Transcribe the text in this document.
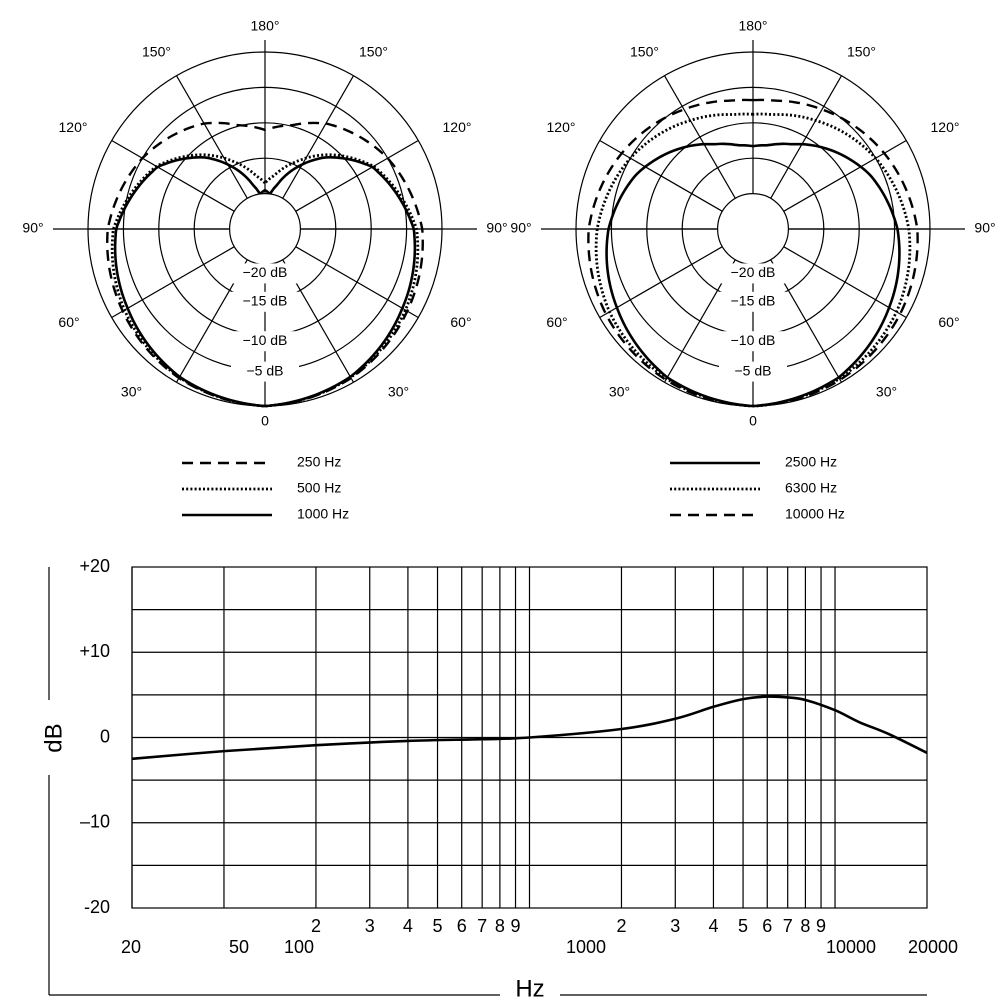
180°
150°	150°
120°	120°
90°	90°
60°	60°
30°	30°
0
−20 dB
−15 dB
−10 dB
−5 dB
250 Hz
500 Hz
1000 Hz
180°
150°	150°
120°	120°
90°	90°
60°	60°
30°	30°
0
−20 dB
−15 dB
−10 dB
−5 dB
2500 Hz
6300 Hz
10000 Hz
+20
+10
0
–10
-20
dB
2 3 4 5 6 7 8 9	2 3 4 5 6 7 8 9
20	50 100	1000	10000 20000
Hz
